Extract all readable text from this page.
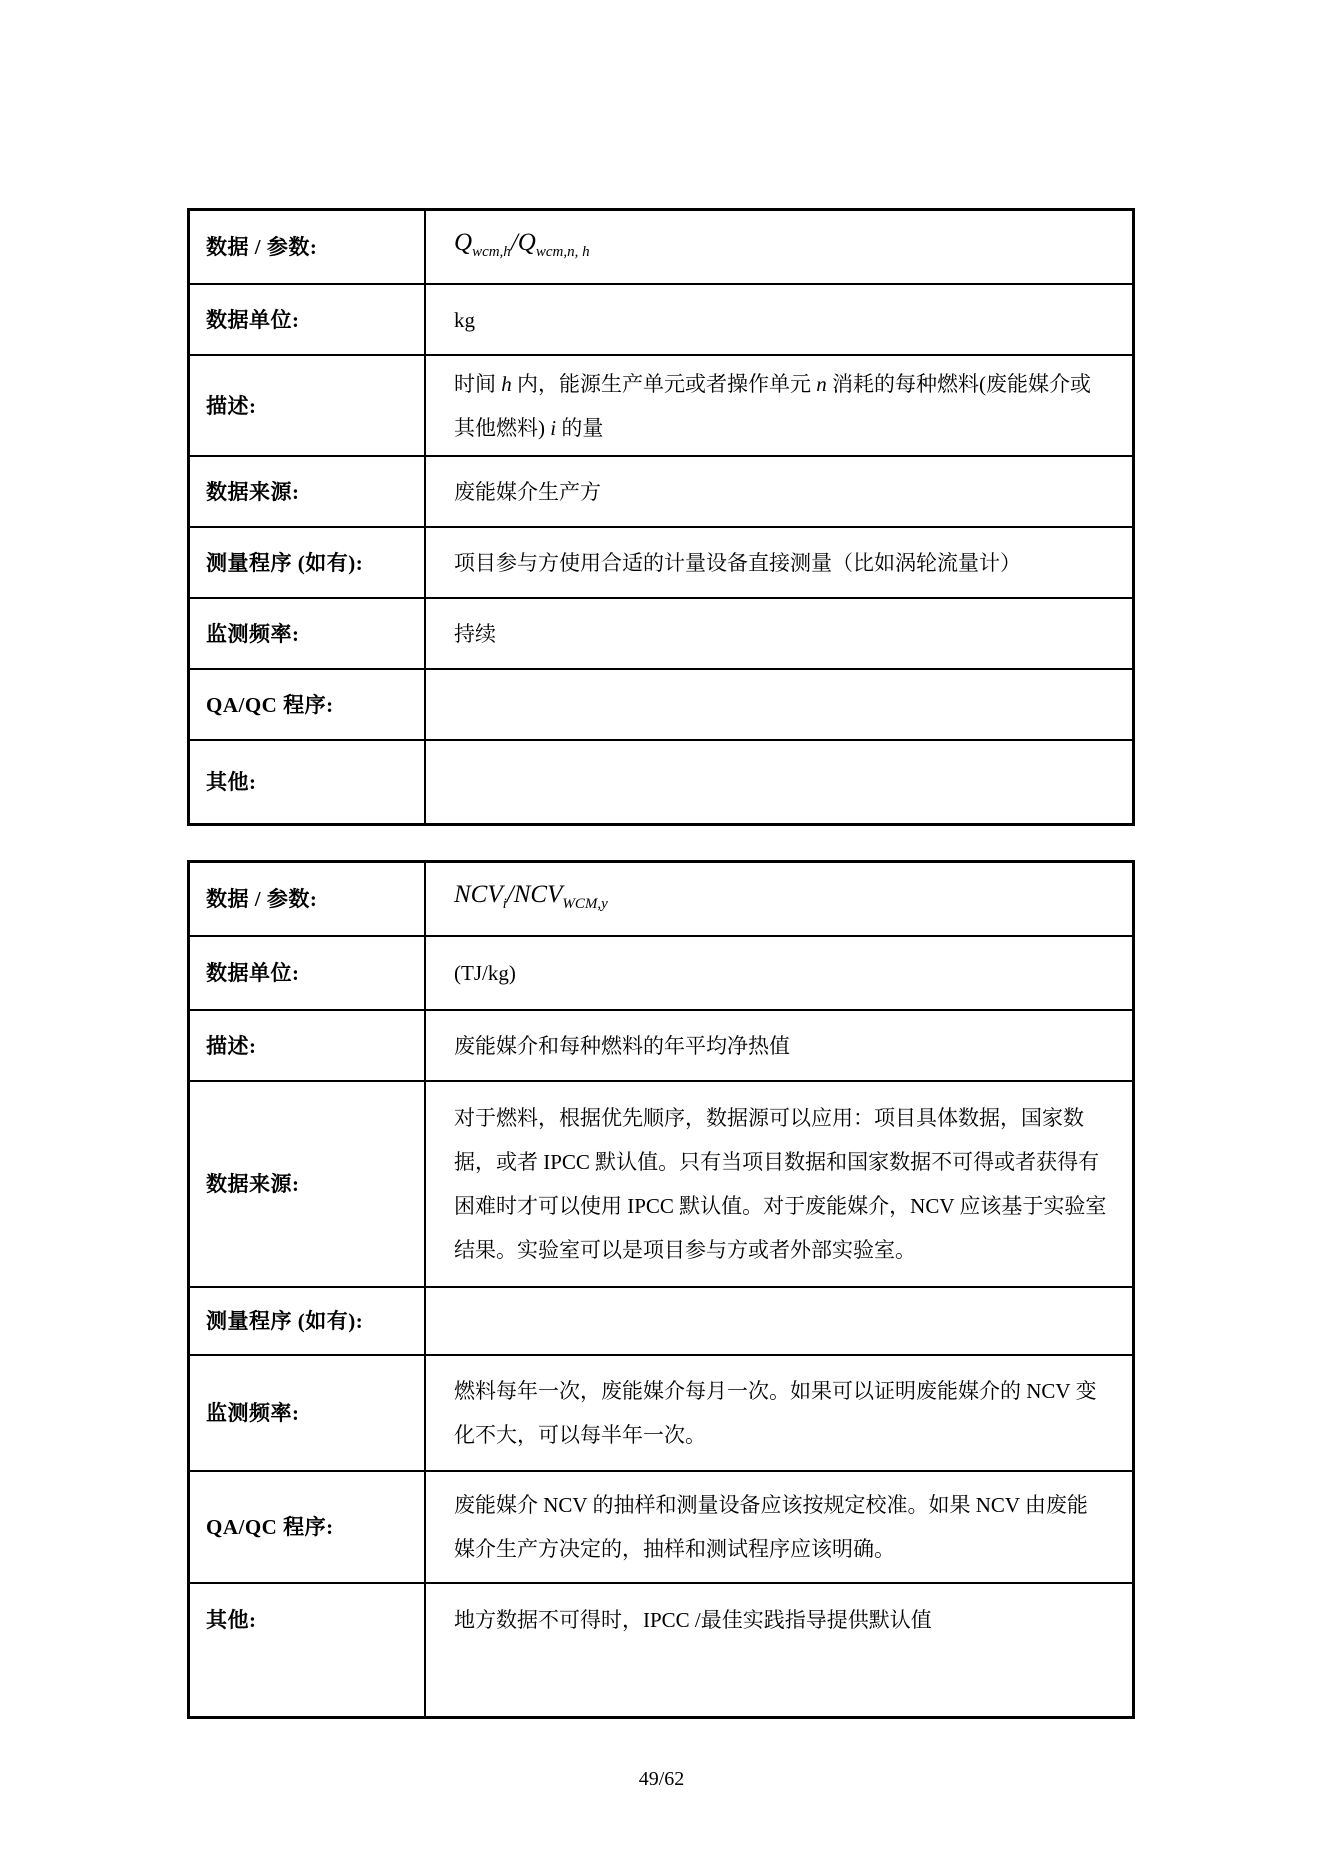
数据 / 参数:	$Q_{wcm,h}/Q_{wcm,n, h}$
数据单位:	kg
描述:	时间 h 内，能源生产单元或者操作单元 n 消耗的每种燃料(废能媒介或其他燃料) i 的量
数据来源:	废能媒介生产方
测量程序 (如有):	项目参与方使用合适的计量设备直接测量（比如涡轮流量计）
监测频率:	持续
QA/QC 程序:	
其他:	
数据 / 参数:	$NCV_i/NCV_{WCM,y}$
数据单位:	(TJ/kg)
描述:	废能媒介和每种燃料的年平均净热值
数据来源:	对于燃料，根据优先顺序，数据源可以应用：项目具体数据，国家数据，或者 IPCC 默认值。只有当项目数据和国家数据不可得或者获得有困难时才可以使用 IPCC 默认值。对于废能媒介，NCV 应该基于实验室结果。实验室可以是项目参与方或者外部实验室。
测量程序 (如有):	
监测频率:	燃料每年一次，废能媒介每月一次。如果可以证明废能媒介的 NCV 变化不大，可以每半年一次。
QA/QC 程序:	废能媒介 NCV 的抽样和测量设备应该按规定校准。如果 NCV 由废能媒介生产方决定的，抽样和测试程序应该明确。
其他:	地方数据不可得时，IPCC /最佳实践指导提供默认值
49/62
